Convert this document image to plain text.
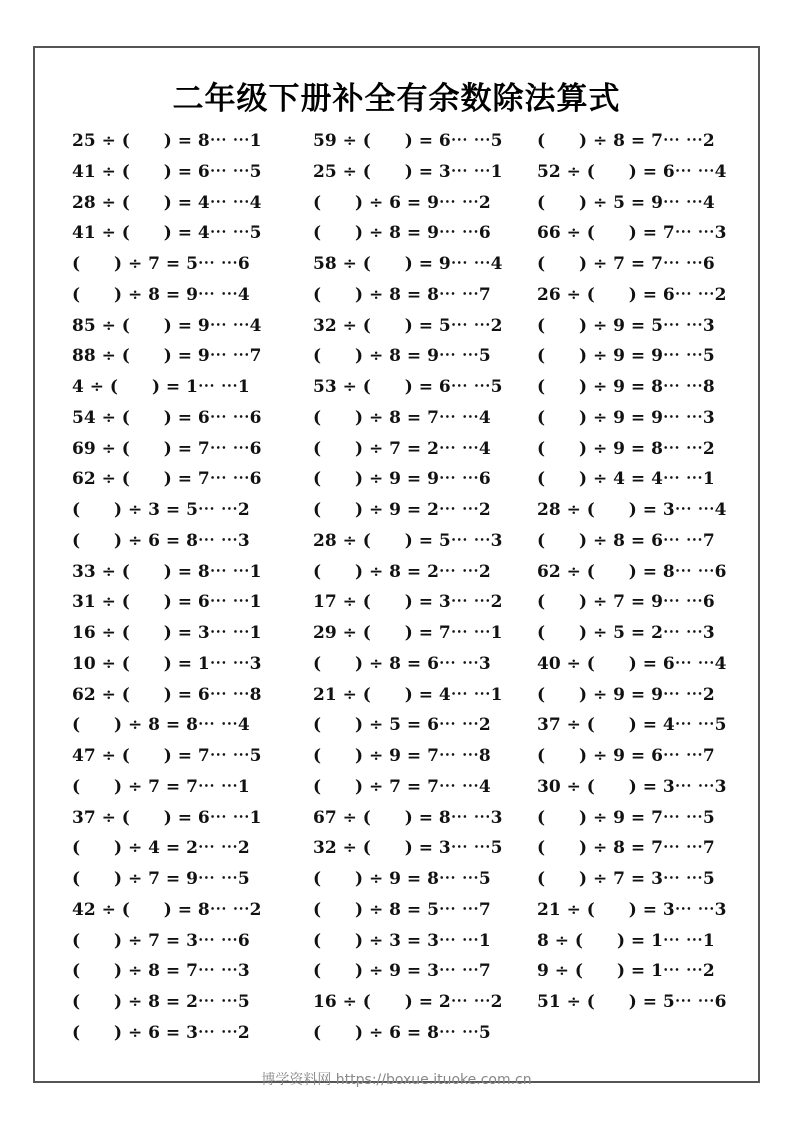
二年级下册补全有余数除法算式
25 ÷ (　　) = 8⋯ ⋯1
41 ÷ (　　) = 6⋯ ⋯5
28 ÷ (　　) = 4⋯ ⋯4
41 ÷ (　　) = 4⋯ ⋯5
(　　) ÷ 7 = 5⋯ ⋯6
(　　) ÷ 8 = 9⋯ ⋯4
85 ÷ (　　) = 9⋯ ⋯4
88 ÷ (　　) = 9⋯ ⋯7
4 ÷ (　　) = 1⋯ ⋯1
54 ÷ (　　) = 6⋯ ⋯6
69 ÷ (　　) = 7⋯ ⋯6
62 ÷ (　　) = 7⋯ ⋯6
(　　) ÷ 3 = 5⋯ ⋯2
(　　) ÷ 6 = 8⋯ ⋯3
33 ÷ (　　) = 8⋯ ⋯1
31 ÷ (　　) = 6⋯ ⋯1
16 ÷ (　　) = 3⋯ ⋯1
10 ÷ (　　) = 1⋯ ⋯3
62 ÷ (　　) = 6⋯ ⋯8
(　　) ÷ 8 = 8⋯ ⋯4
47 ÷ (　　) = 7⋯ ⋯5
(　　) ÷ 7 = 7⋯ ⋯1
37 ÷ (　　) = 6⋯ ⋯1
(　　) ÷ 4 = 2⋯ ⋯2
(　　) ÷ 7 = 9⋯ ⋯5
42 ÷ (　　) = 8⋯ ⋯2
(　　) ÷ 7 = 3⋯ ⋯6
(　　) ÷ 8 = 7⋯ ⋯3
(　　) ÷ 8 = 2⋯ ⋯5
(　　) ÷ 6 = 3⋯ ⋯2
59 ÷ (　　) = 6⋯ ⋯5
25 ÷ (　　) = 3⋯ ⋯1
(　　) ÷ 6 = 9⋯ ⋯2
(　　) ÷ 8 = 9⋯ ⋯6
58 ÷ (　　) = 9⋯ ⋯4
(　　) ÷ 8 = 8⋯ ⋯7
32 ÷ (　　) = 5⋯ ⋯2
(　　) ÷ 8 = 9⋯ ⋯5
53 ÷ (　　) = 6⋯ ⋯5
(　　) ÷ 8 = 7⋯ ⋯4
(　　) ÷ 7 = 2⋯ ⋯4
(　　) ÷ 9 = 9⋯ ⋯6
(　　) ÷ 9 = 2⋯ ⋯2
28 ÷ (　　) = 5⋯ ⋯3
(　　) ÷ 8 = 2⋯ ⋯2
17 ÷ (　　) = 3⋯ ⋯2
29 ÷ (　　) = 7⋯ ⋯1
(　　) ÷ 8 = 6⋯ ⋯3
21 ÷ (　　) = 4⋯ ⋯1
(　　) ÷ 5 = 6⋯ ⋯2
(　　) ÷ 9 = 7⋯ ⋯8
(　　) ÷ 7 = 7⋯ ⋯4
67 ÷ (　　) = 8⋯ ⋯3
32 ÷ (　　) = 3⋯ ⋯5
(　　) ÷ 9 = 8⋯ ⋯5
(　　) ÷ 8 = 5⋯ ⋯7
(　　) ÷ 3 = 3⋯ ⋯1
(　　) ÷ 9 = 3⋯ ⋯7
16 ÷ (　　) = 2⋯ ⋯2
(　　) ÷ 6 = 8⋯ ⋯5
(　　) ÷ 8 = 7⋯ ⋯2
52 ÷ (　　) = 6⋯ ⋯4
(　　) ÷ 5 = 9⋯ ⋯4
66 ÷ (　　) = 7⋯ ⋯3
(　　) ÷ 7 = 7⋯ ⋯6
26 ÷ (　　) = 6⋯ ⋯2
(　　) ÷ 9 = 5⋯ ⋯3
(　　) ÷ 9 = 9⋯ ⋯5
(　　) ÷ 9 = 8⋯ ⋯8
(　　) ÷ 9 = 9⋯ ⋯3
(　　) ÷ 9 = 8⋯ ⋯2
(　　) ÷ 4 = 4⋯ ⋯1
28 ÷ (　　) = 3⋯ ⋯4
(　　) ÷ 8 = 6⋯ ⋯7
62 ÷ (　　) = 8⋯ ⋯6
(　　) ÷ 7 = 9⋯ ⋯6
(　　) ÷ 5 = 2⋯ ⋯3
40 ÷ (　　) = 6⋯ ⋯4
(　　) ÷ 9 = 9⋯ ⋯2
37 ÷ (　　) = 4⋯ ⋯5
(　　) ÷ 9 = 6⋯ ⋯7
30 ÷ (　　) = 3⋯ ⋯3
(　　) ÷ 9 = 7⋯ ⋯5
(　　) ÷ 8 = 7⋯ ⋯7
(　　) ÷ 7 = 3⋯ ⋯5
21 ÷ (　　) = 3⋯ ⋯3
8 ÷ (　　) = 1⋯ ⋯1
9 ÷ (　　) = 1⋯ ⋯2
51 ÷ (　　) = 5⋯ ⋯6
博学资料网 https://boxue.ituoke.com.cn
